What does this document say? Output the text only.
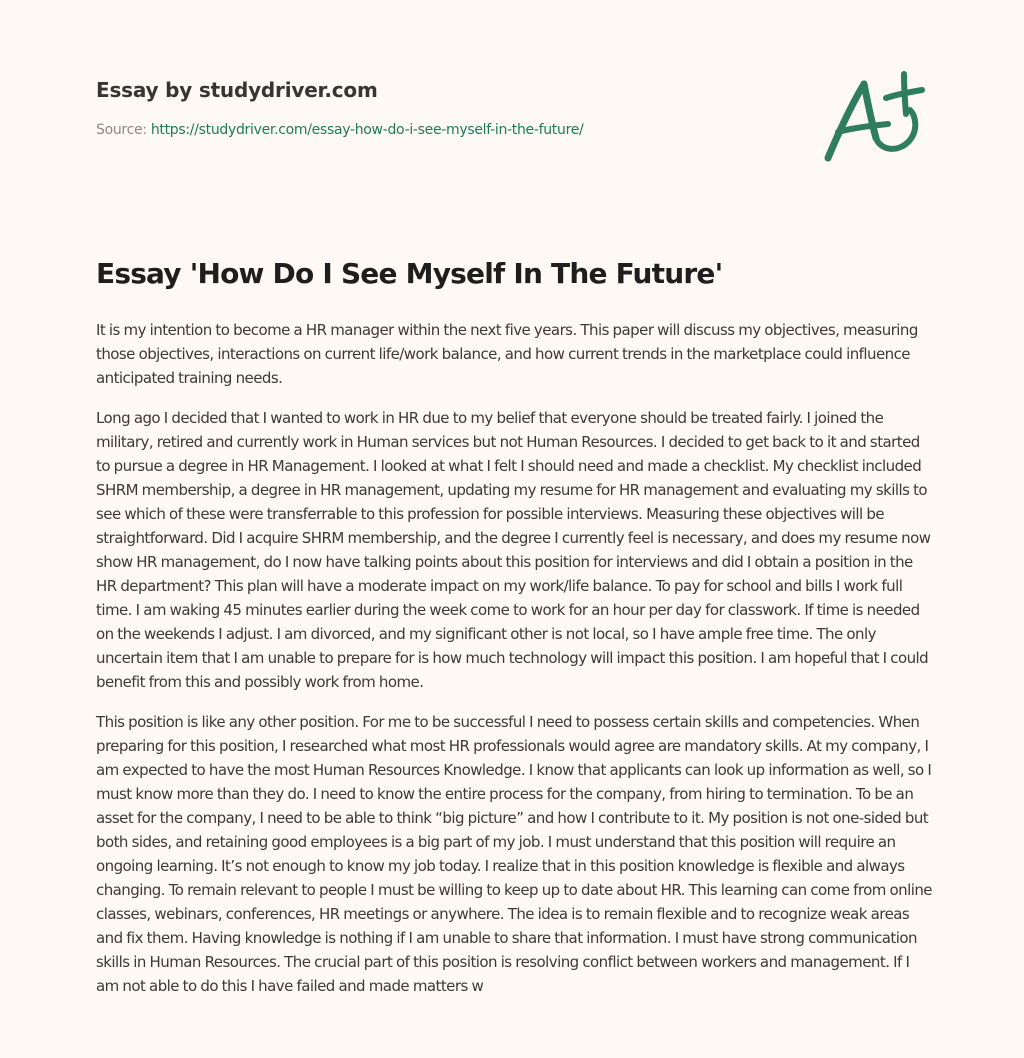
Essay by studydriver.com
Source: https://studydriver.com/essay-how-do-i-see-myself-in-the-future/
Essay 'How Do I See Myself In The Future'

It is my intention to become a HR manager within the next five years. This paper will discuss my objectives, measuring those objectives, interactions on current life/work balance, and how current trends in the marketplace could influence anticipated training needs.

Long ago I decided that I wanted to work in HR due to my belief that everyone should be treated fairly. I joined the military, retired and currently work in Human services but not Human Resources. I decided to get back to it and started to pursue a degree in HR Management. I looked at what I felt I should need and made a checklist. My checklist included SHRM membership, a degree in HR management, updating my resume for HR management and evaluating my skills to see which of these were transferrable to this profession for possible interviews. Measuring these objectives will be straightforward. Did I acquire SHRM membership, and the degree I currently feel is necessary, and does my resume now show HR management, do I now have talking points about this position for interviews and did I obtain a position in the HR department? This plan will have a moderate impact on my work/life balance. To pay for school and bills I work full time. I am waking 45 minutes earlier during the week come to work for an hour per day for classwork. If time is needed on the weekends I adjust. I am divorced, and my significant other is not local, so I have ample free time. The only uncertain item that I am unable to prepare for is how much technology will impact this position. I am hopeful that I could benefit from this and possibly work from home.

This position is like any other position. For me to be successful I need to possess certain skills and competencies. When preparing for this position, I researched what most HR professionals would agree are mandatory skills. At my company, I am expected to have the most Human Resources Knowledge. I know that applicants can look up information as well, so I must know more than they do. I need to know the entire process for the company, from hiring to termination. To be an asset for the company, I need to be able to think “big picture” and how I contribute to it. My position is not one-sided but both sides, and retaining good employees is a big part of my job. I must understand that this position will require an ongoing learning. It’s not enough to know my job today. I realize that in this position knowledge is flexible and always changing. To remain relevant to people I must be willing to keep up to date about HR. This learning can come from online classes, webinars, conferences, HR meetings or anywhere. The idea is to remain flexible and to recognize weak areas and fix them. Having knowledge is nothing if I am unable to share that information. I must have strong communication skills in Human Resources. The crucial part of this position is resolving conflict between workers and management. If I am not able to do this I have failed and made matters w
